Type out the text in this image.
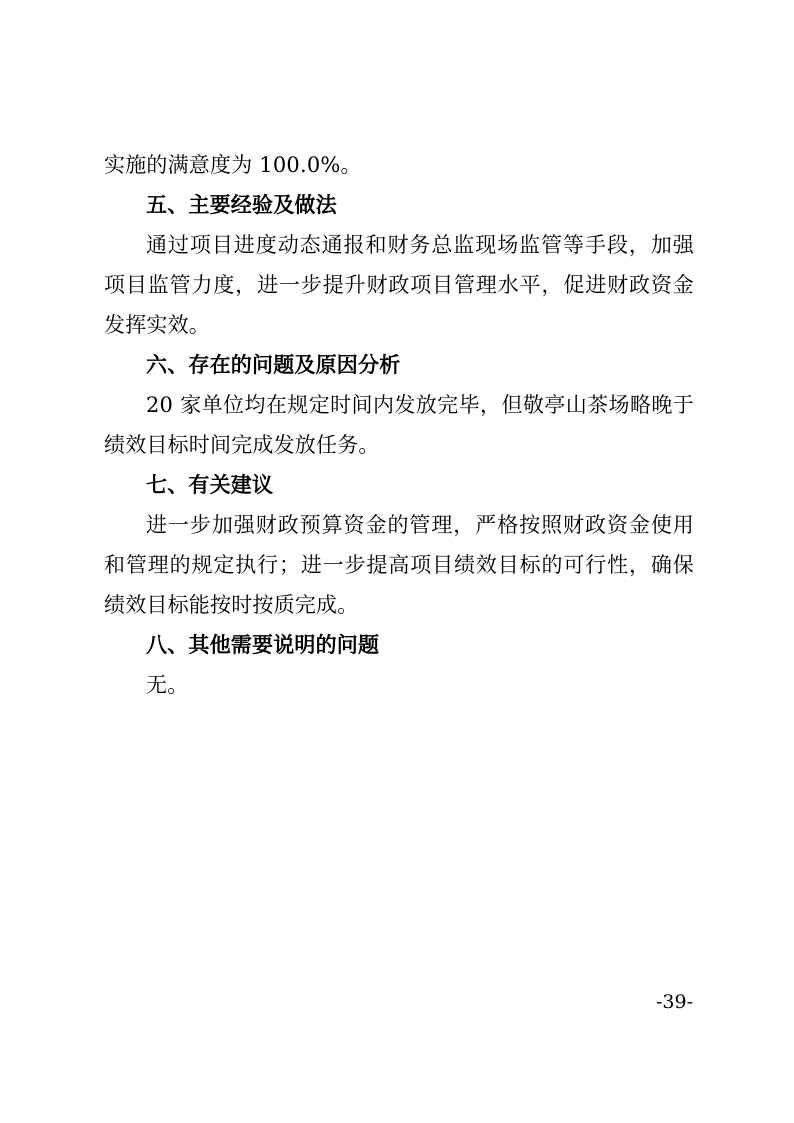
实施的满意度为 100.0%。

五、主要经验及做法

通过项目进度动态通报和财务总监现场监管等手段，加强项目监管力度，进一步提升财政项目管理水平，促进财政资金发挥实效。

六、存在的问题及原因分析

20 家单位均在规定时间内发放完毕，但敬亭山茶场略晚于绩效目标时间完成发放任务。

七、有关建议

进一步加强财政预算资金的管理，严格按照财政资金使用和管理的规定执行；进一步提高项目绩效目标的可行性，确保绩效目标能按时按质完成。

八、其他需要说明的问题

无。

-39-
